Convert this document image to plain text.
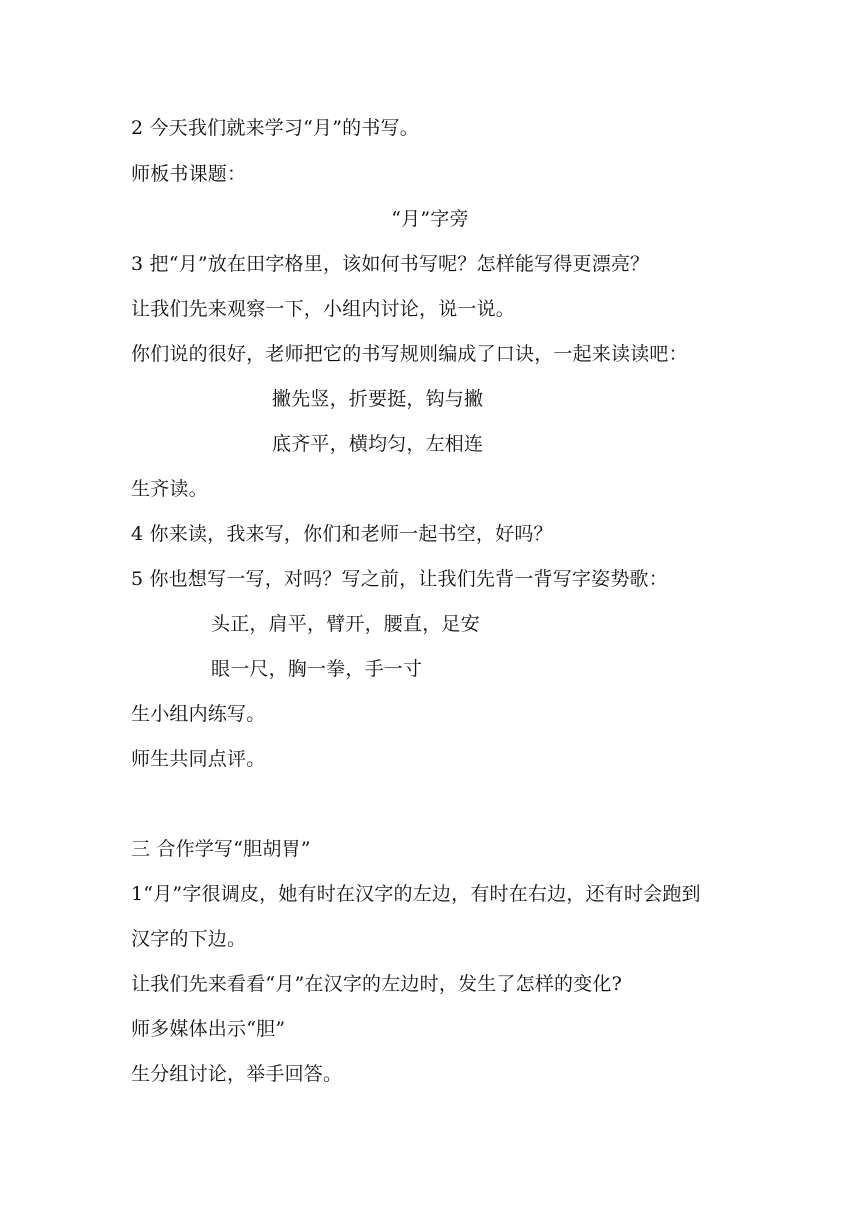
2 今天我们就来学习“月”的书写。
师板书课题：
“月”字旁
3 把“月”放在田字格里，该如何书写呢？怎样能写得更漂亮？
让我们先来观察一下，小组内讨论，说一说。
你们说的很好，老师把它的书写规则编成了口诀，一起来读读吧：
撇先竖，折要挺，钩与撇
底齐平，横均匀，左相连
生齐读。
4 你来读，我来写，你们和老师一起书空，好吗？
5 你也想写一写，对吗？写之前，让我们先背一背写字姿势歌：
头正，肩平，臂开，腰直，足安
眼一尺，胸一拳，手一寸
生小组内练写。
师生共同点评。
三 合作学写“胆胡胃”
1“月”字很调皮，她有时在汉字的左边，有时在右边，还有时会跑到
汉字的下边。
让我们先来看看“月”在汉字的左边时，发生了怎样的变化?
师多媒体出示“胆”
生分组讨论，举手回答。
